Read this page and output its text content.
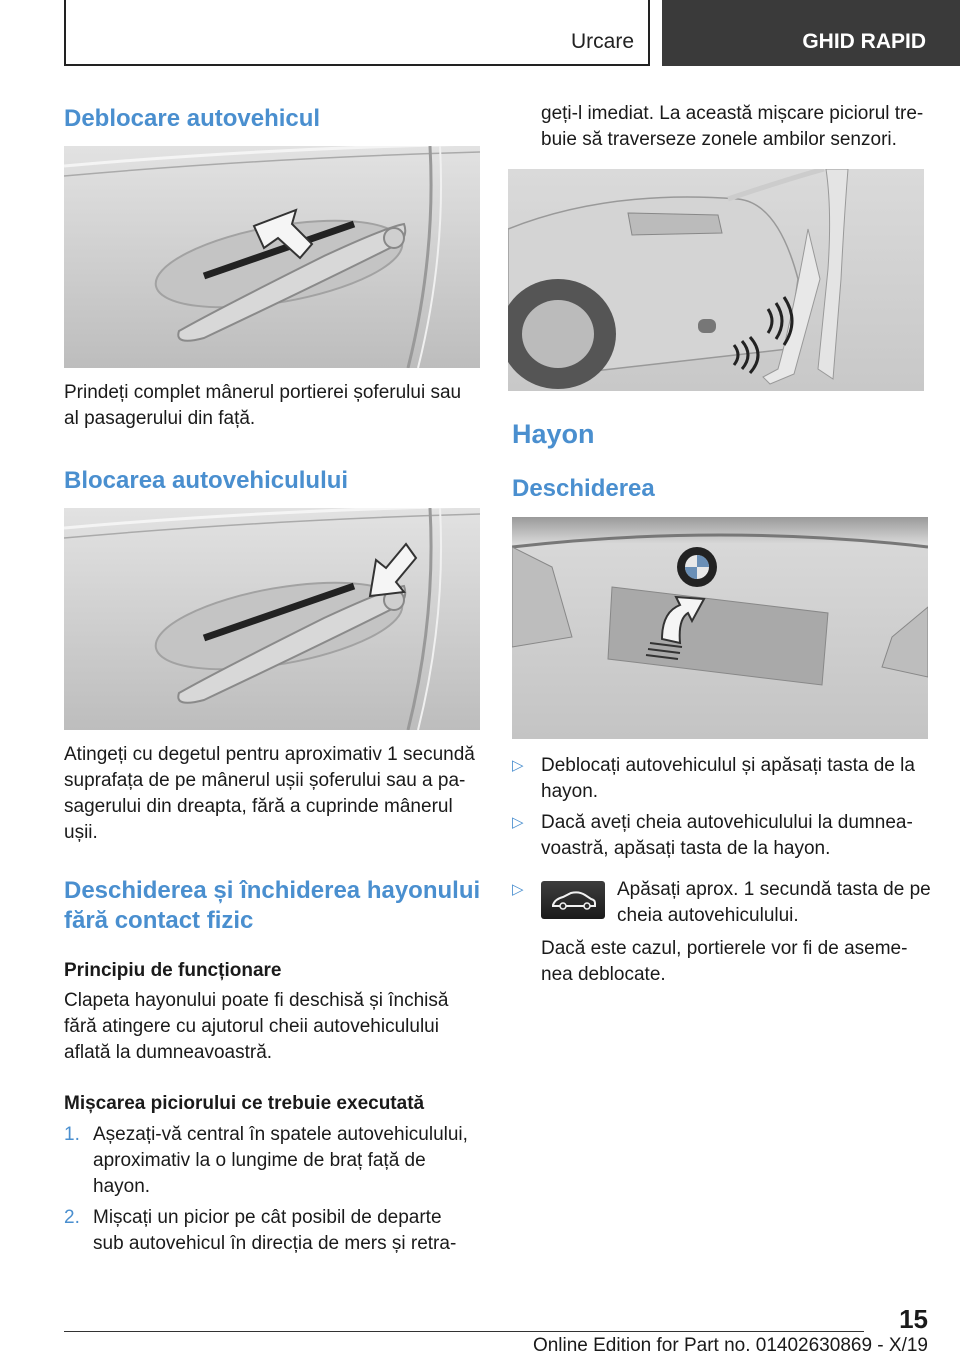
Urcare	GHID RAPID
Deblocare autovehicul
Prindeți complet mânerul portierei șoferului sau
al pasagerului din față.
Blocarea autovehiculului
Atingeți cu degetul pentru aproximativ 1 secundă
suprafața de pe mânerul ușii șoferului sau a pa-
sagerului din dreapta, fără a cuprinde mânerul
ușii.
Deschiderea și închiderea hayonului
fără contact fizic
Principiu de funcționare
Clapeta hayonului poate fi deschisă și închisă
fără atingere cu ajutorul cheii autovehiculului
aflată la dumneavoastră.
Mișcarea piciorului ce trebuie executată
1. Așezați-vă central în spatele autovehiculului,
aproximativ la o lungime de braț față de
hayon.
2. Mișcați un picior pe cât posibil de departe
sub autovehicul în direcția de mers și retra-
geți-l imediat. La această mișcare piciorul tre-
buie să traverseze zonele ambilor senzori.
Hayon
Deschiderea
▷ Deblocați autovehiculul și apăsați tasta de la
hayon.
▷ Dacă aveți cheia autovehiculului la dumnea-
voastră, apăsați tasta de la hayon.
▷	Apăsați aprox. 1 secundă tasta de pe
cheia autovehiculului.
Dacă este cazul, portierele vor fi de aseme-
nea deblocate.
15
Online Edition for Part no. 01402630869 - X/19
